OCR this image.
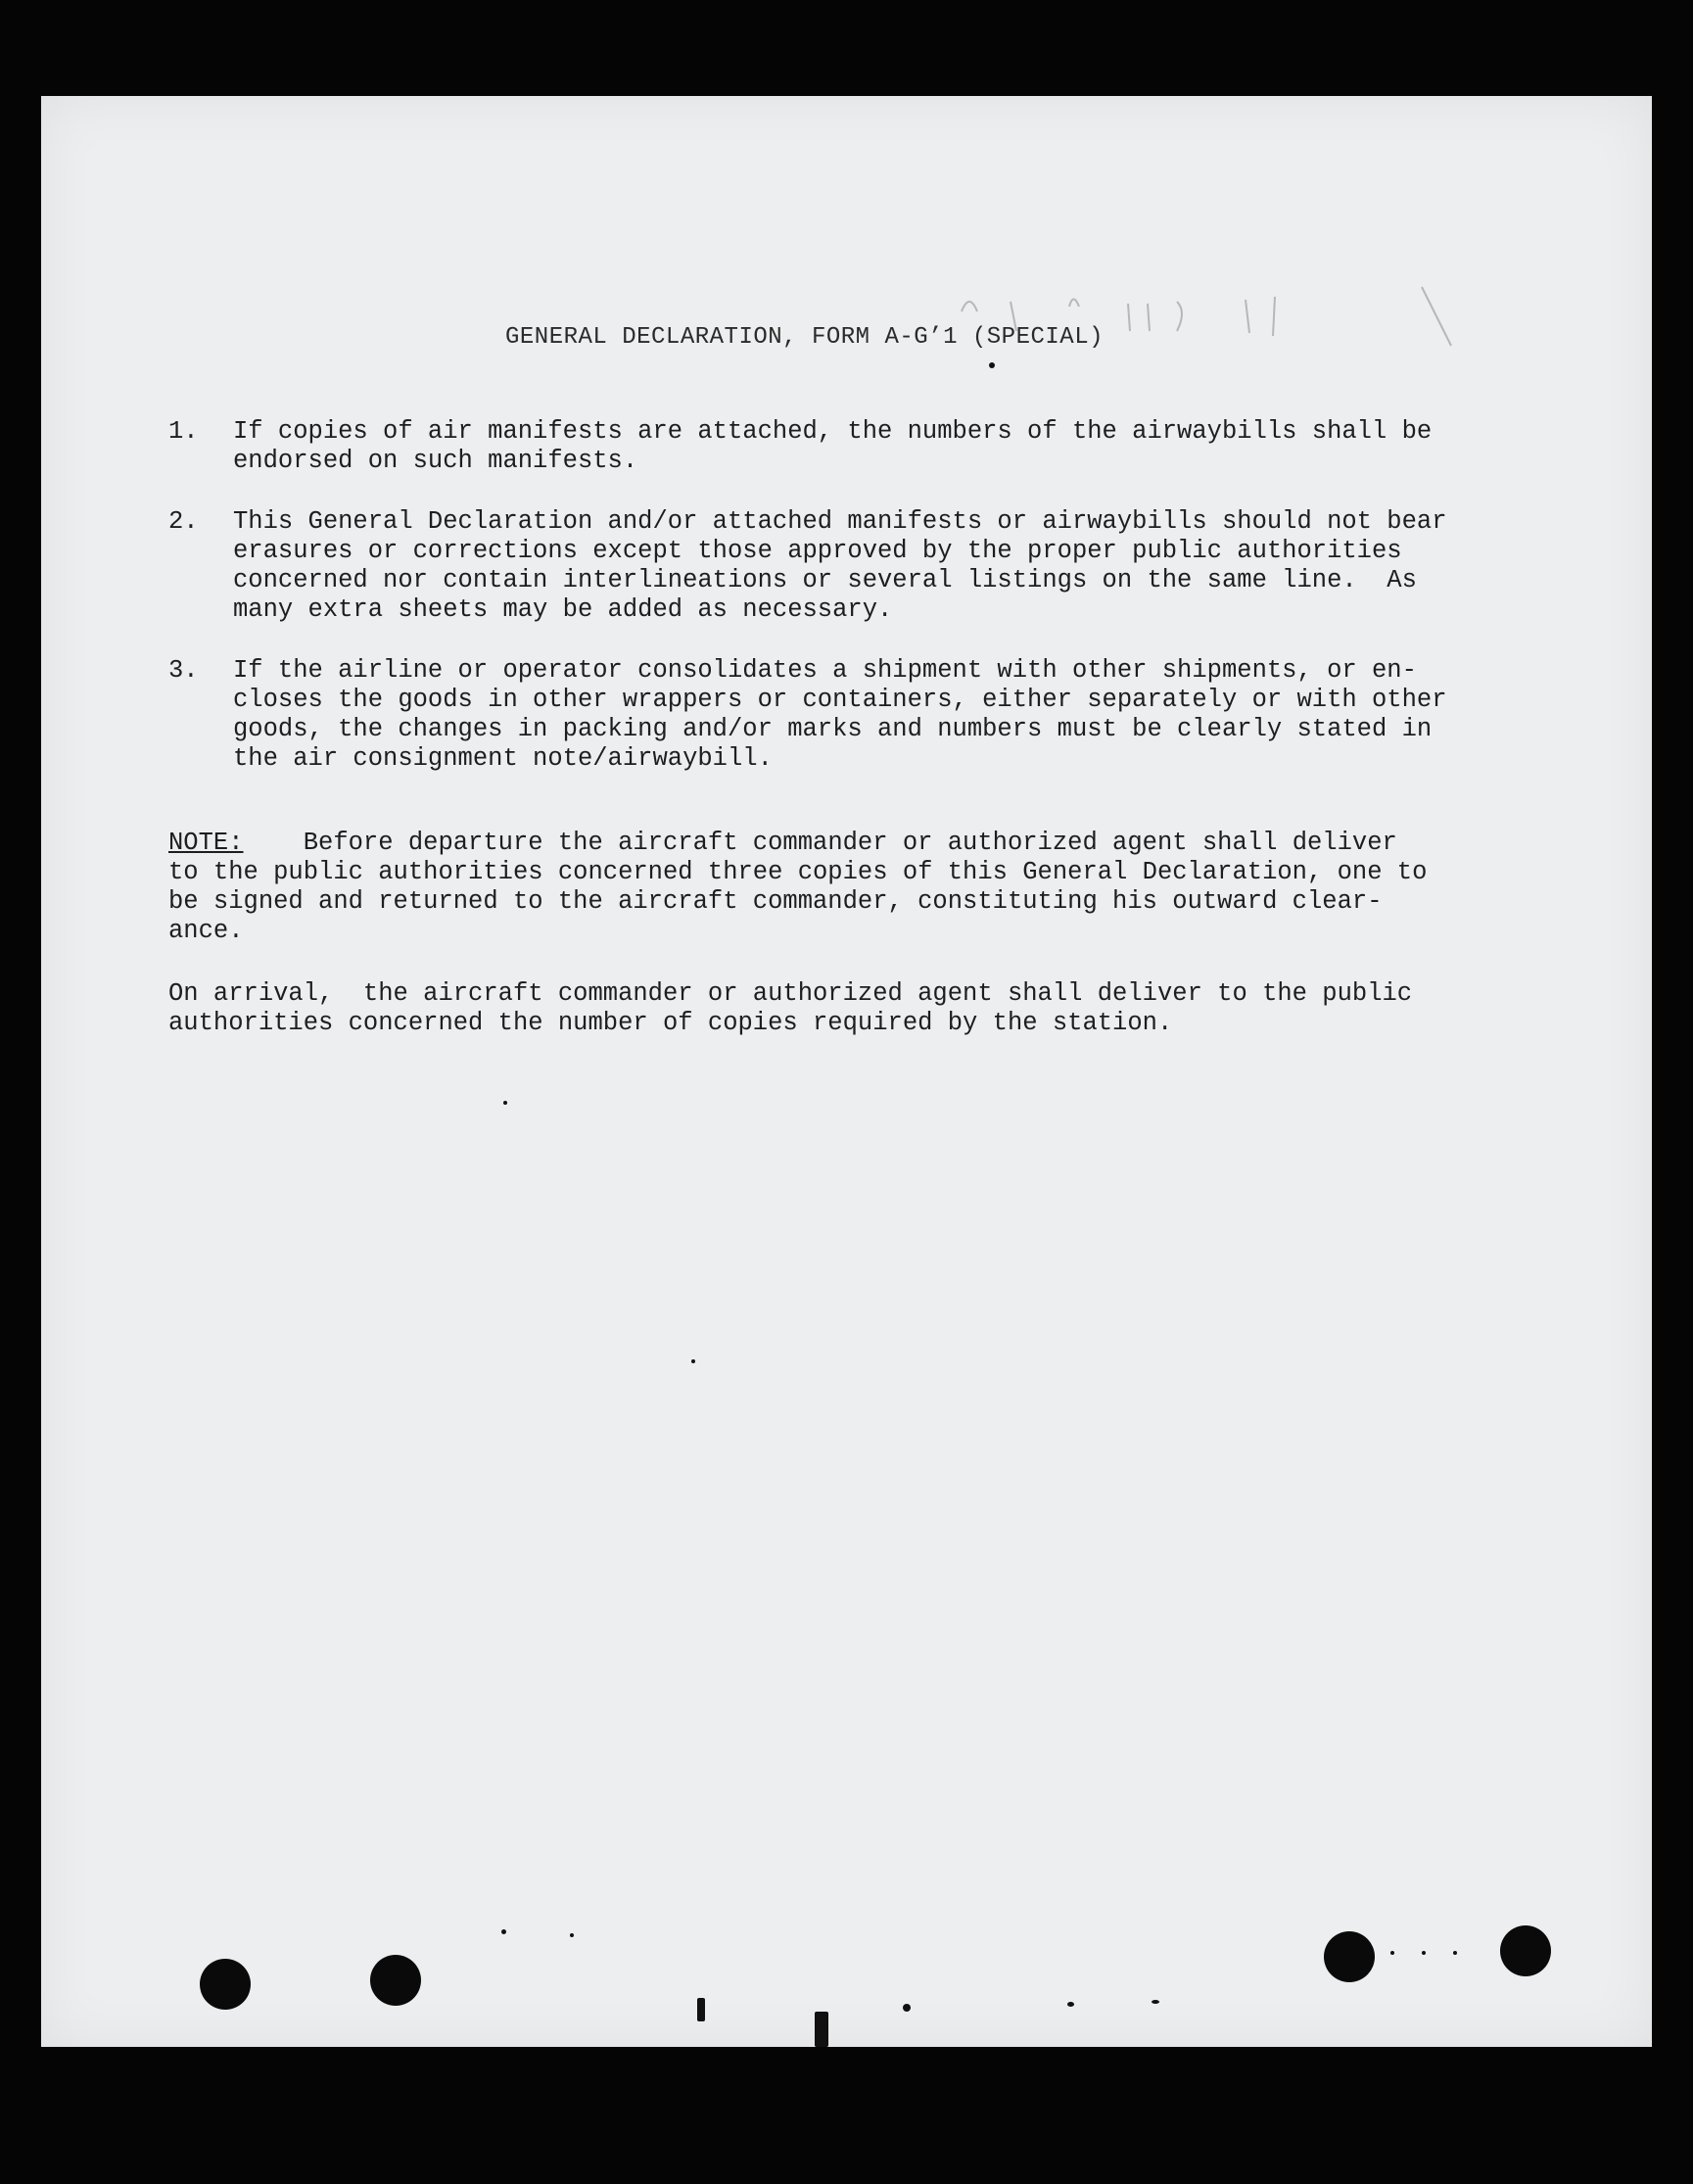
GENERAL DECLARATION, FORM A-G’1 (SPECIAL)
1.	If copies of air manifests are attached, the numbers of the airwaybills shall be
endorsed on such manifests.
2.	This General Declaration and/or attached manifests or airwaybills should not bear
erasures or corrections except those approved by the proper public authorities
concerned nor contain interlineations or several listings on the same line.  As
many extra sheets may be added as necessary.
3.	If the airline or operator consolidates a shipment with other shipments, or en-
closes the goods in other wrappers or containers, either separately or with other
goods, the changes in packing and/or marks and numbers must be clearly stated in
the air consignment note/airwaybill.
NOTE:    Before departure the aircraft commander or authorized agent shall deliver
to the public authorities concerned three copies of this General Declaration, one to
be signed and returned to the aircraft commander, constituting his outward clear-
ance.
On arrival,  the aircraft commander or authorized agent shall deliver to the public
authorities concerned the number of copies required by the station.
